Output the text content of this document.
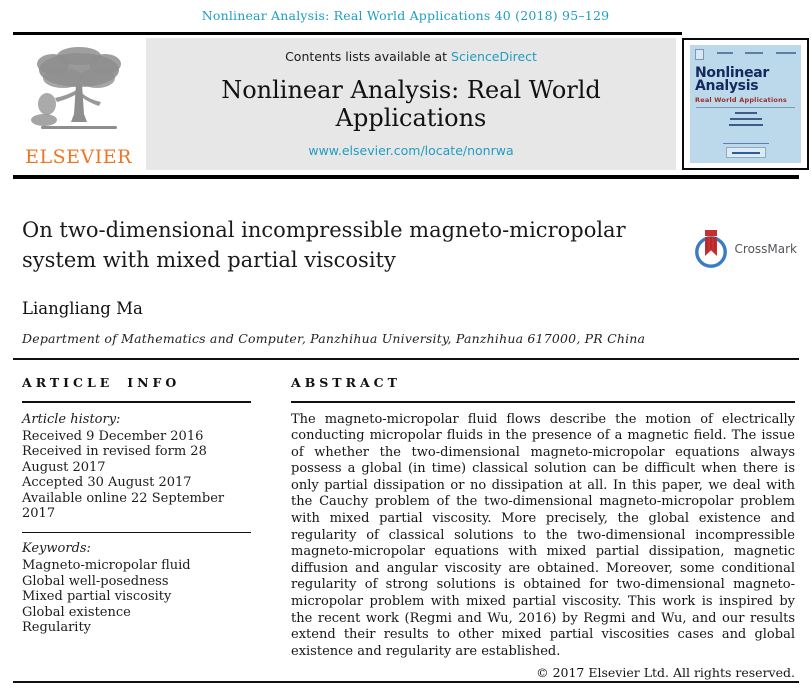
Nonlinear Analysis: Real World Applications 40 (2018) 95–129
ELSEVIER
Contents lists available at ScienceDirect
Nonlinear Analysis: Real World Applications
www.elsevier.com/locate/nonrwa
Nonlinear
Analysis
Real World Applications
On two-dimensional incompressible magneto-micropolar system with mixed partial viscosity	CrossMark
Liangliang Ma
Department of Mathematics and Computer, Panzhihua University, Panzhihua 617000, PR China
ARTICLE INFO
Article history:
Received 9 December 2016
Received in revised form 28 August 2017
Accepted 30 August 2017
Available online 22 September 2017
Keywords:
Magneto-micropolar fluid
Global well-posedness
Mixed partial viscosity
Global existence
Regularity
ABSTRACT

The magneto-micropolar fluid flows describe the motion of electrically conducting micropolar fluids in the presence of a magnetic field. The issue of whether the two-dimensional magneto-micropolar equations always possess a global (in time) classical solution can be difficult when there is only partial dissipation or no dissipation at all. In this paper, we deal with the Cauchy problem of the two-dimensional magneto-micropolar problem with mixed partial viscosity. More precisely, the global existence and regularity of classical solutions to the two-dimensional incompressible magneto-micropolar equations with mixed partial dissipation, magnetic diffusion and angular viscosity are obtained. Moreover, some conditional regularity of strong solutions is obtained for two-dimensional magneto-micropolar problem with mixed partial viscosity. This work is inspired by the recent work (Regmi and Wu, 2016) by Regmi and Wu, and our results extend their results to other mixed partial viscosities cases and global existence and regularity are established.

© 2017 Elsevier Ltd. All rights reserved.
